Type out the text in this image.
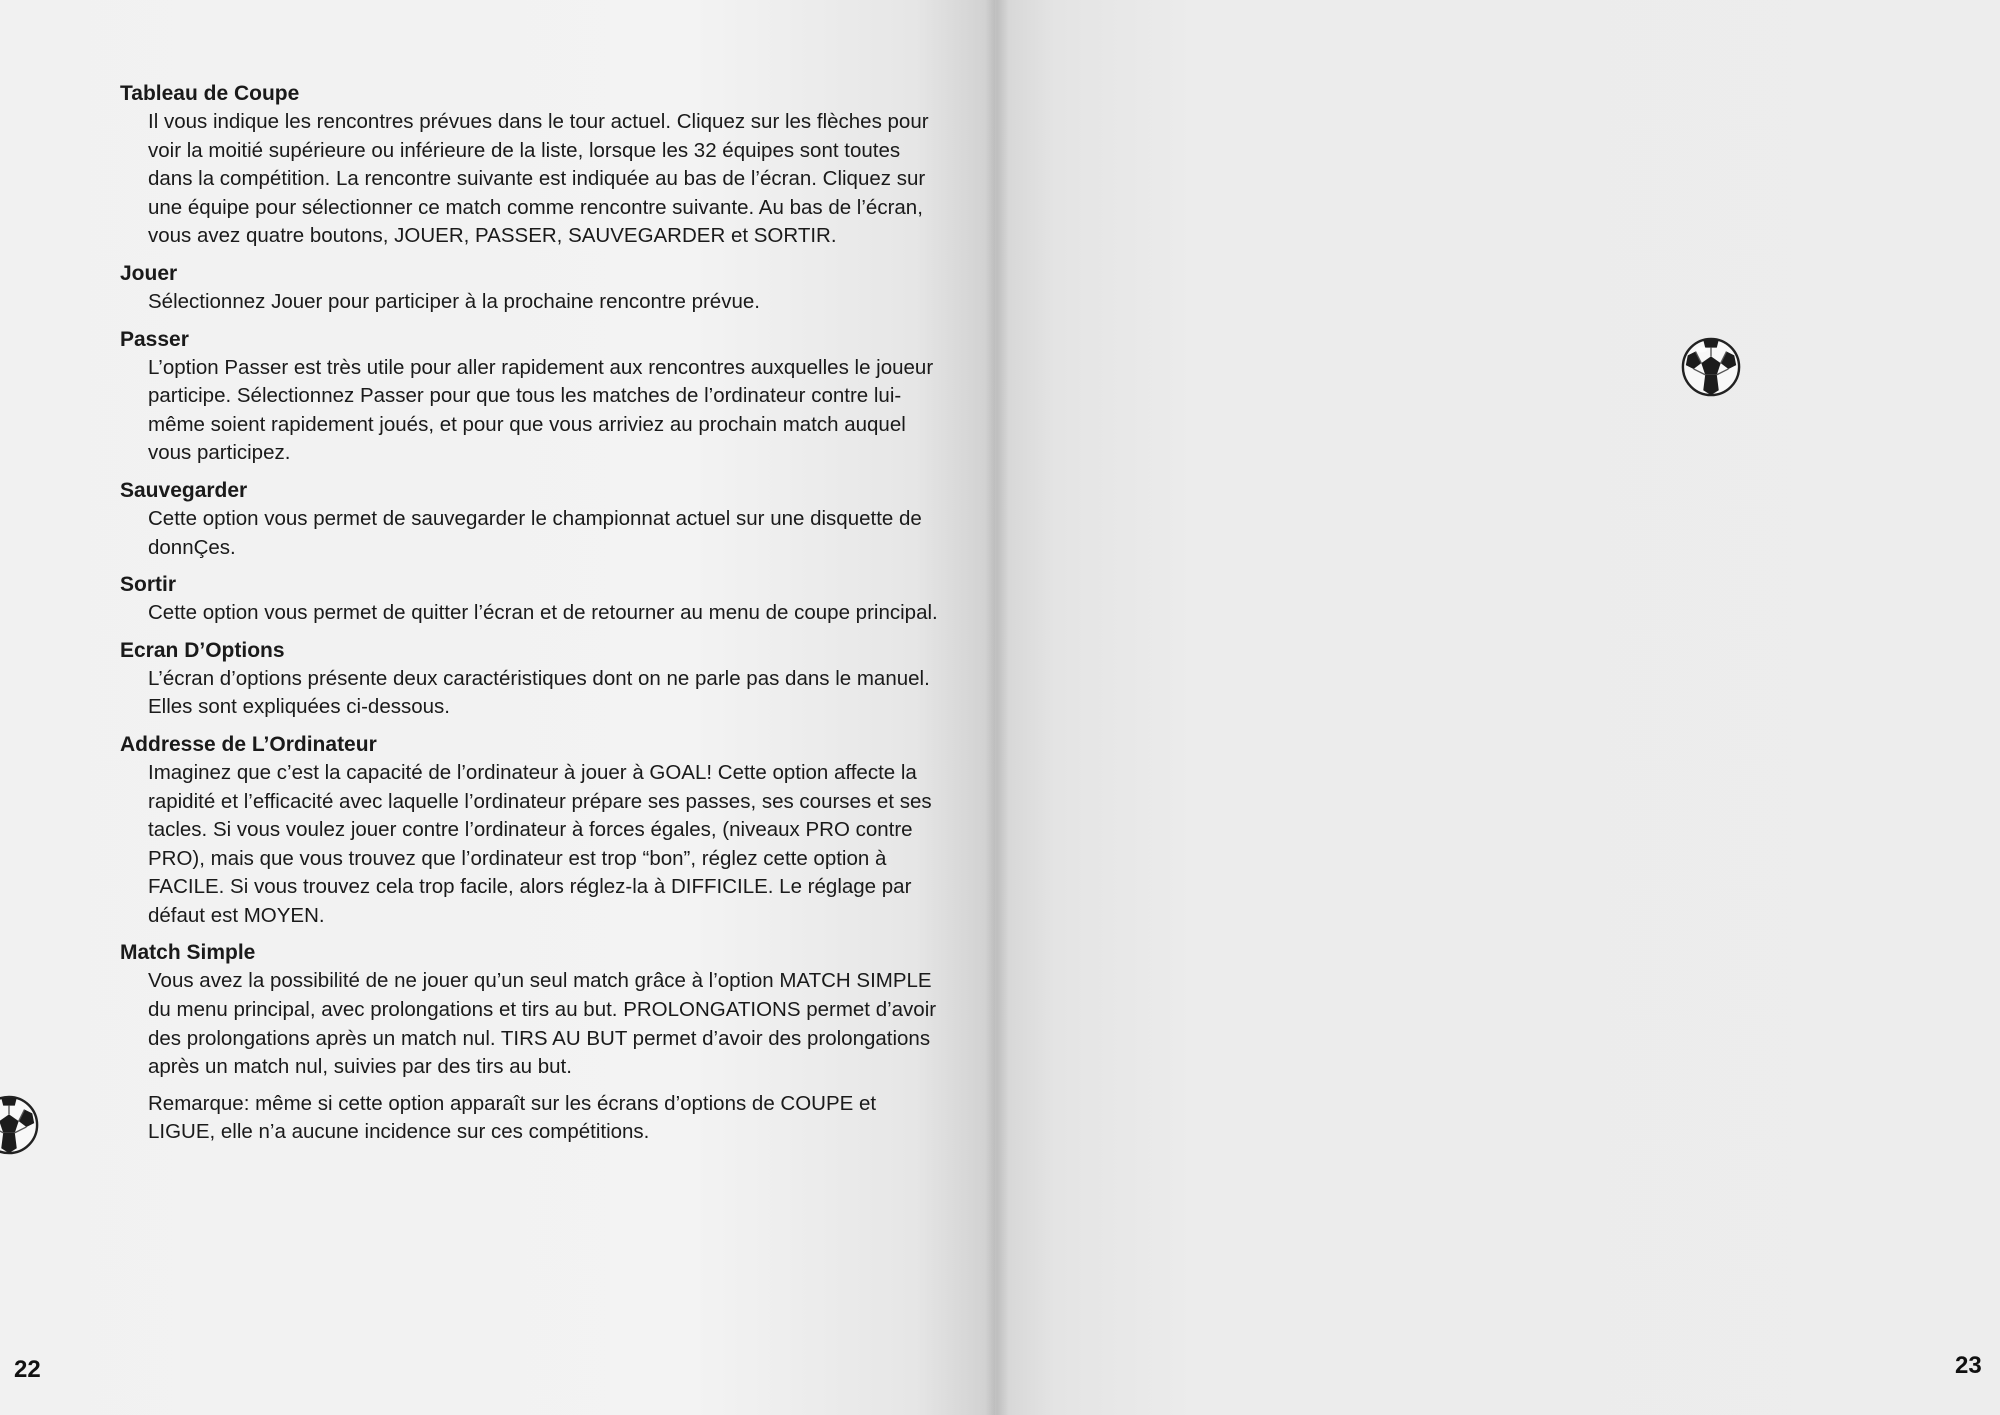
Tableau de Coupe

Il vous indique les rencontres prévues dans le tour actuel. Cliquez sur les flèches pour voir la moitié supérieure ou inférieure de la liste, lorsque les 32 équipes sont toutes dans la compétition. La rencontre suivante est indiquée au bas de l’écran. Cliquez sur une équipe pour sélectionner ce match comme rencontre suivante. Au bas de l’écran, vous avez quatre boutons, JOUER, PASSER, SAUVEGARDER et SORTIR.

Jouer

Sélectionnez Jouer pour participer à la prochaine rencontre prévue.

Passer

L’option Passer est très utile pour aller rapidement aux rencontres auxquelles le joueur participe. Sélectionnez Passer pour que tous les matches de l’ordinateur contre lui-même soient rapidement joués, et pour que vous arriviez au prochain match auquel vous participez.

Sauvegarder

Cette option vous permet de sauvegarder le championnat actuel sur une disquette de donnÇes.

Sortir

Cette option vous permet de quitter l’écran et de retourner au menu de coupe principal.

Ecran D’Options

L’écran d’options présente deux caractéristiques dont on ne parle pas dans le manuel. Elles sont expliquées ci-dessous.

Addresse de L’Ordinateur

Imaginez que c’est la capacité de l’ordinateur à jouer à GOAL! Cette option affecte la rapidité et l’efficacité avec laquelle l’ordinateur prépare ses passes, ses courses et ses tacles. Si vous voulez jouer contre l’ordinateur à forces égales, (niveaux PRO contre PRO), mais que vous trouvez que l’ordinateur est trop “bon”, réglez cette option à FACILE. Si vous trouvez cela trop facile, alors réglez-la à DIFFICILE. Le réglage par défaut est MOYEN.

Match Simple

Vous avez la possibilité de ne jouer qu’un seul match grâce à l’option MATCH SIMPLE du menu principal, avec prolongations et tirs au but. PROLONGATIONS permet d’avoir des prolongations après un match nul. TIRS AU BUT permet d’avoir des prolongations après un match nul, suivies par des tirs au but.

Remarque: même si cette option apparaît sur les écrans d’options de COUPE et LIGUE, elle n’a aucune incidence sur ces compétitions.

22	23
